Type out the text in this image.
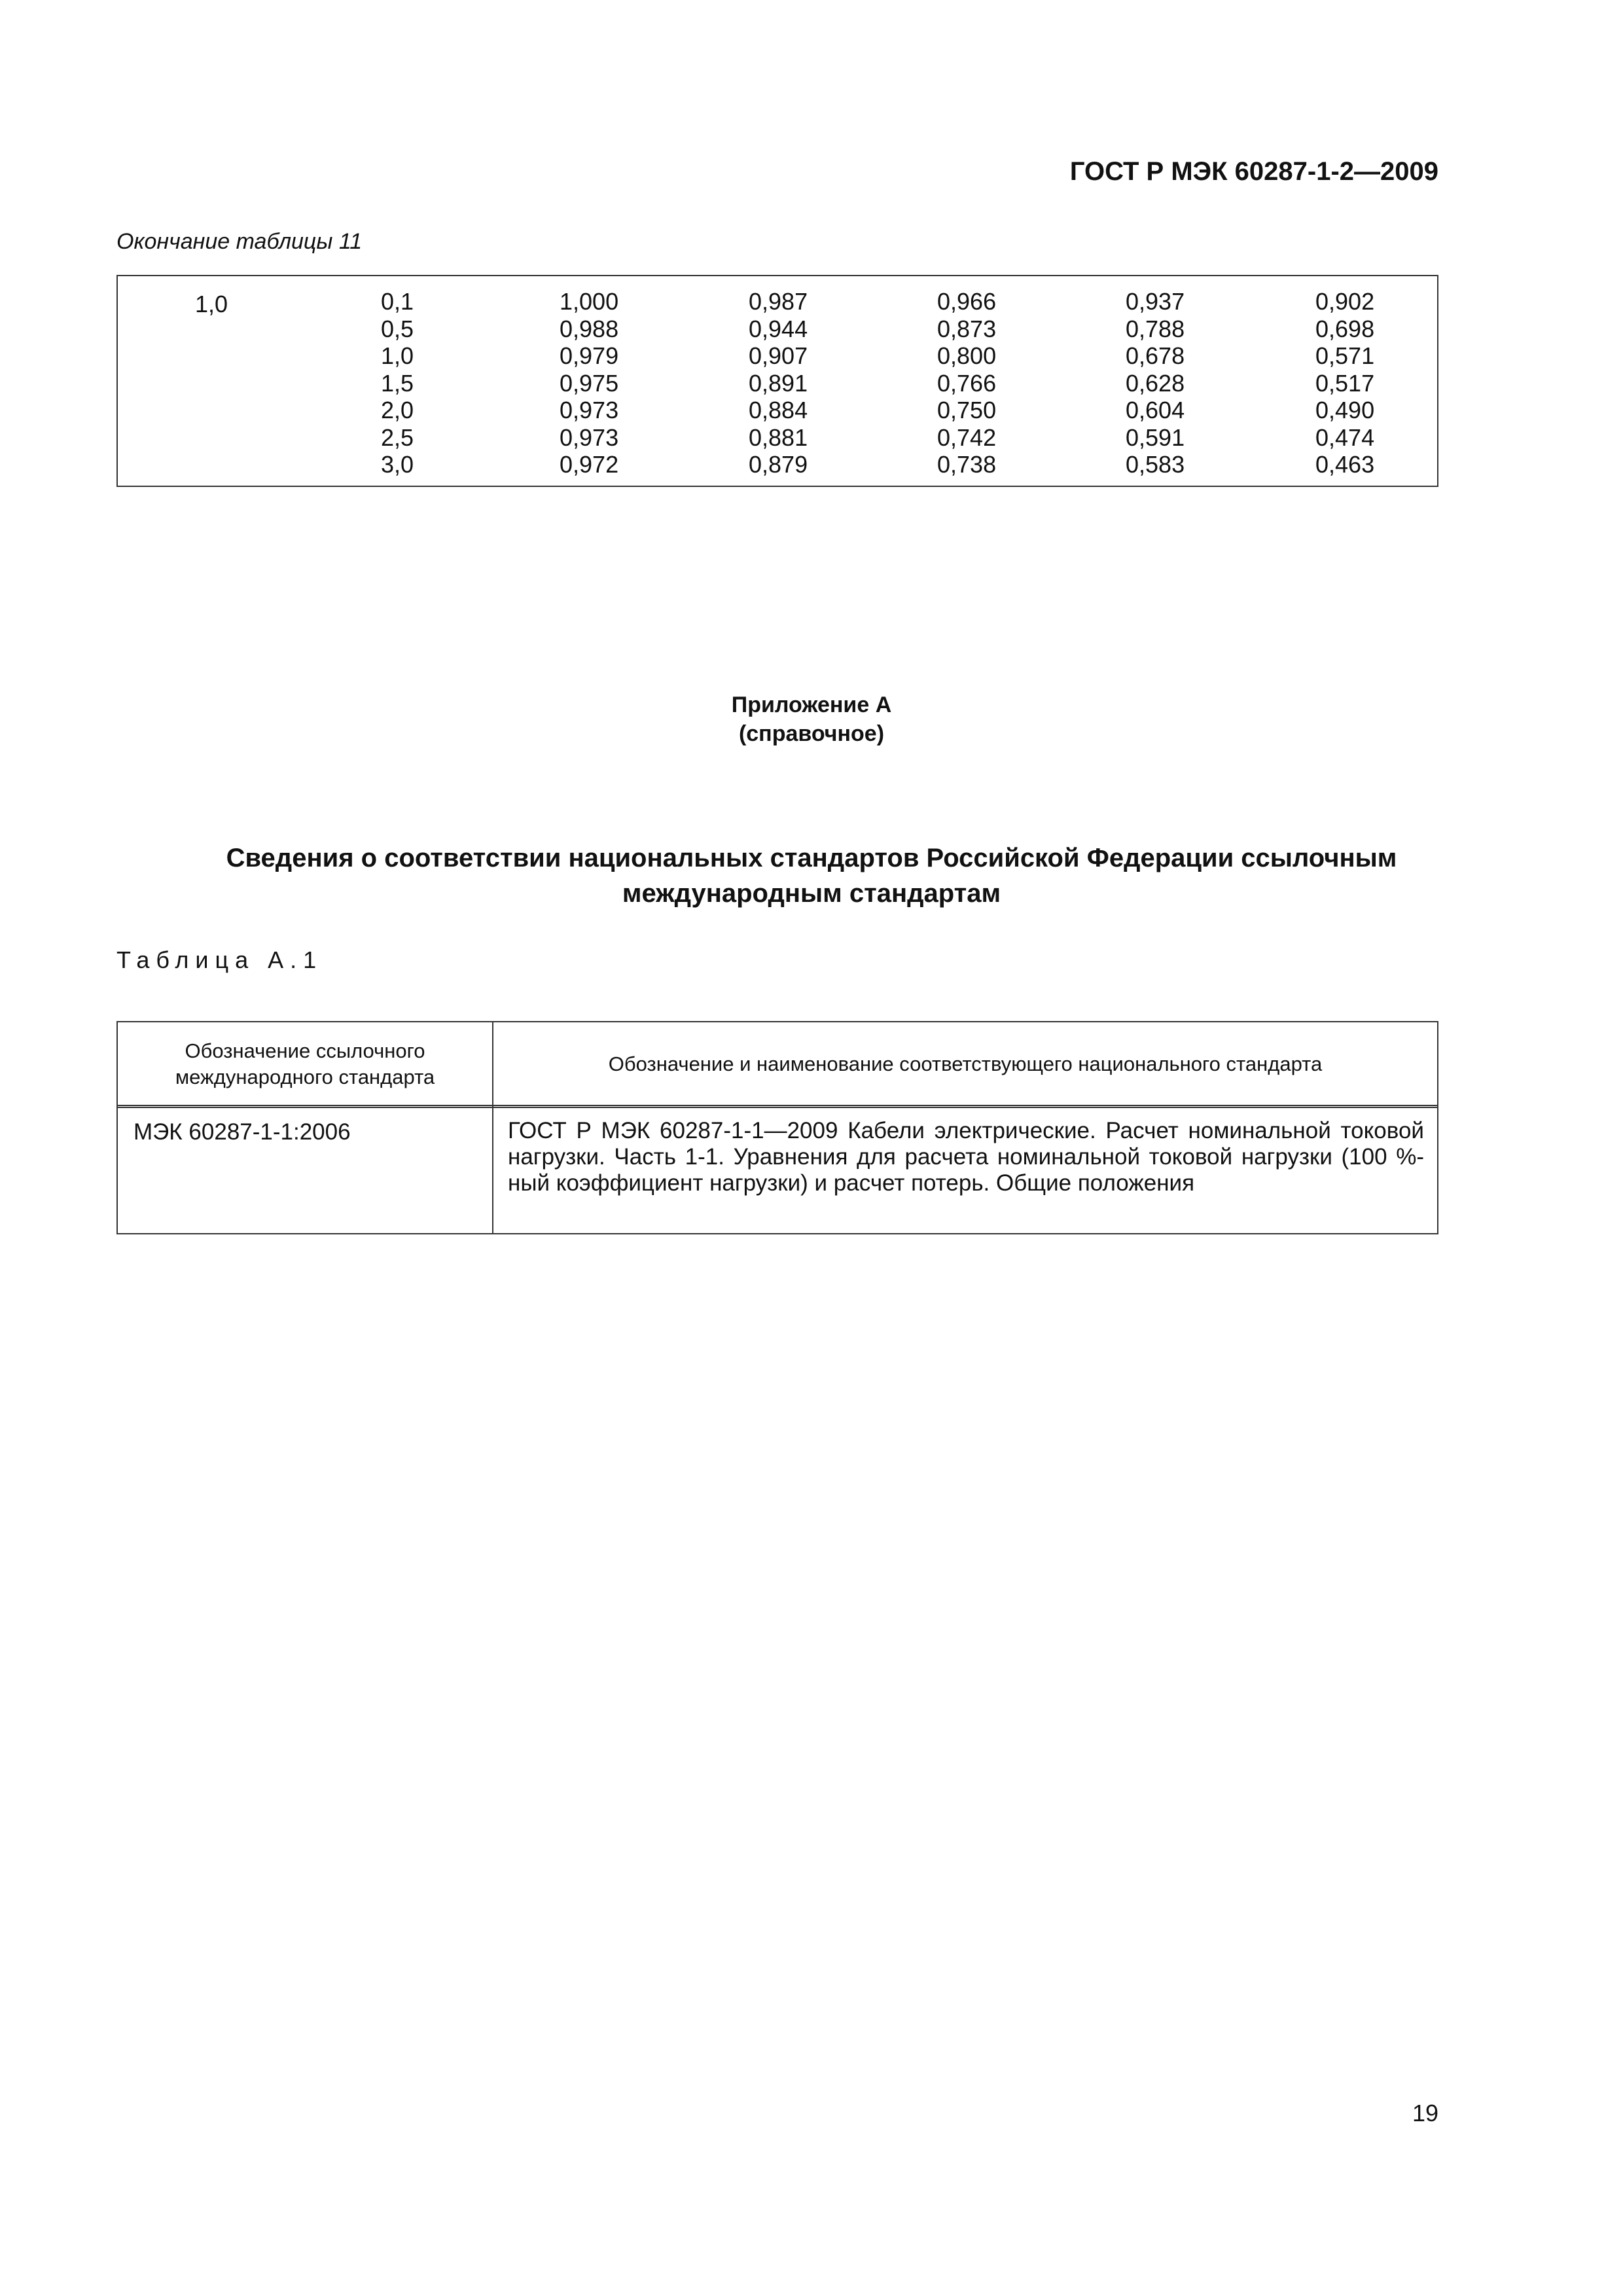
ГОСТ Р МЭК 60287-1-2—2009
Окончание таблицы 11
1,0	0,1
0,5
1,0
1,5
2,0
2,5
3,0
1,000
0,988
0,979
0,975
0,973
0,973
0,972
0,987
0,944
0,907
0,891
0,884
0,881
0,879
0,966
0,873
0,800
0,766
0,750
0,742
0,738
0,937
0,788
0,678
0,628
0,604
0,591
0,583
0,902
0,698
0,571
0,517
0,490
0,474
0,463
Приложение А
(справочное)
Сведения о соответствии национальных стандартов Российской Федерации ссылочным международным стандартам
Таблица А.1
Обозначение ссылочного международного стандарта
Обозначение и наименование соответствующего национального стандарта
МЭК 60287-1-1:2006	ГОСТ Р МЭК 60287-1-1—2009 Кабели электрические. Расчет номинальной токовой нагрузки. Часть 1-1. Уравнения для расчета номинальной токовой нагрузки (100 %-ный коэффициент нагрузки) и расчет потерь. Общие положения
19
